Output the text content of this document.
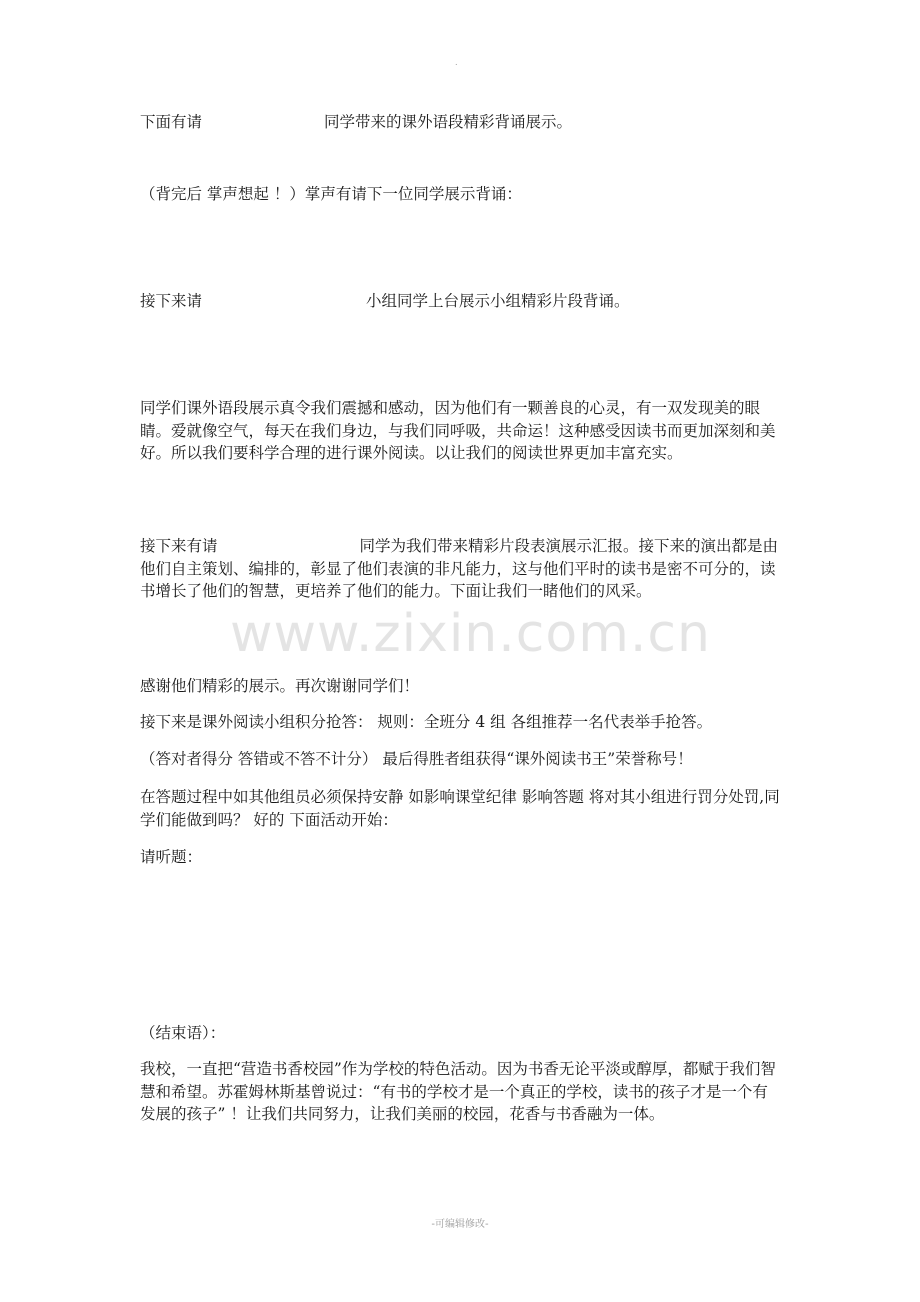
.

下面有请	同学带来的课外语段精彩背诵展示。

（背完后 掌声想起 ！）掌声有请下一位同学展示背诵：

接下来请	小组同学上台展示小组精彩片段背诵。

同学们课外语段展示真令我们震撼和感动，因为他们有一颗善良的心灵，有一双发现美的眼睛。爱就像空气，每天在我们身边，与我们同呼吸，共命运！这种感受因读书而更加深刻和美好。所以我们要科学合理的进行课外阅读。以让我们的阅读世界更加丰富充实。

接下来有请	同学为我们带来精彩片段表演展示汇报。接下来的演出都是由他们自主策划、编排的，彰显了他们表演的非凡能力，这与他们平时的读书是密不可分的，读书增长了他们的智慧，更培养了他们的能力。下面让我们一睹他们的风采。

www.zixin.com.cn

感谢他们精彩的展示。再次谢谢同学们！

接下来是课外阅读小组积分抢答： 规则：全班分 4 组 各组推荐一名代表举手抢答。

（答对者得分 答错或不答不计分） 最后得胜者组获得“课外阅读书王”荣誉称号！

在答题过程中如其他组员必须保持安静 如影响课堂纪律 影响答题 将对其小组进行罚分处罚,同学们能做到吗？ 好的 下面活动开始：

请听题：

（结束语）：

我校，一直把“营造书香校园”作为学校的特色活动。因为书香无论平淡或醇厚，都赋于我们智慧和希望。苏霍姆林斯基曾说过：“有书的学校才是一个真正的学校，读书的孩子才是一个有发展的孩子” ！让我们共同努力，让我们美丽的校园，花香与书香融为一体。

-可编辑修改-
